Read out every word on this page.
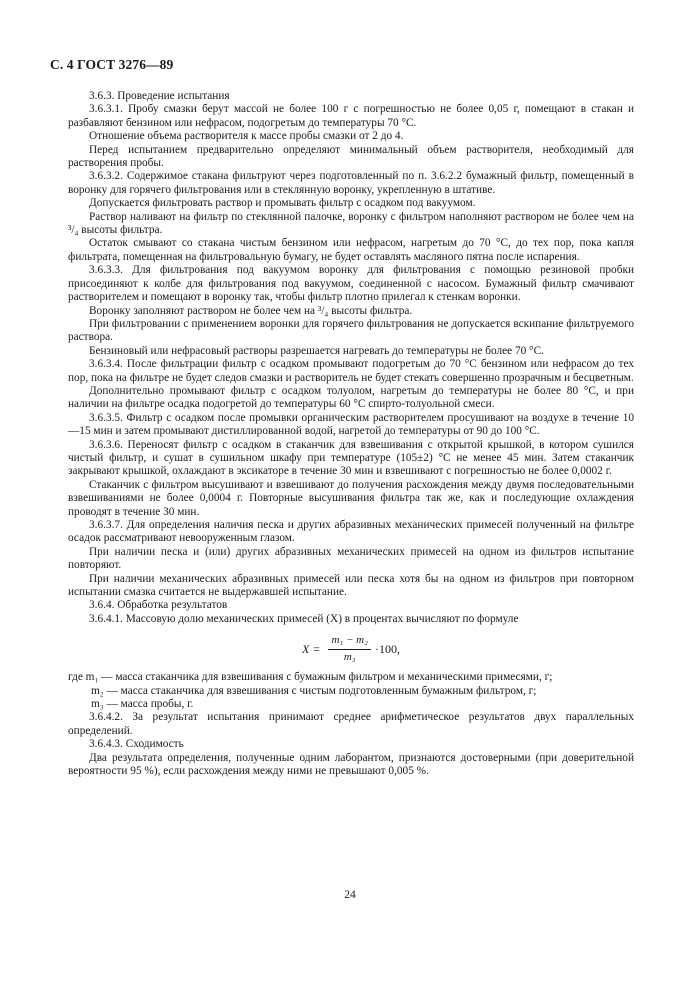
С. 4 ГОСТ 3276—89

3.6.3. Проведение испытания

3.6.3.1. Пробу смазки берут массой не более 100 г с погрешностью не более 0,05 г, помещают в стакан и разбавляют бензином или нефрасом, подогретым до температуры 70 °С.

Отношение объема растворителя к массе пробы смазки от 2 до 4.

Перед испытанием предварительно определяют минимальный объем растворителя, необходимый для растворения пробы.

3.6.3.2. Содержимое стакана фильтруют через подготовленный по п. 3.6.2.2 бумажный фильтр, помещенный в воронку для горячего фильтрования или в стеклянную воронку, укрепленную в штативе.

Допускается фильтровать раствор и промывать фильтр с осадком под вакуумом.

Раствор наливают на фильтр по стеклянной палочке, воронку с фильтром наполняют раствором не более чем на ³/₄ высоты фильтра.

Остаток смывают со стакана чистым бензином или нефрасом, нагретым до 70 °С, до тех пор, пока капля фильтрата, помещенная на фильтровальную бумагу, не будет оставлять масляного пятна после испарения.

3.6.3.3. Для фильтрования под вакуумом воронку для фильтрования с помощью резиновой пробки присоединяют к колбе для фильтрования под вакуумом, соединенной с насосом. Бумажный фильтр смачивают растворителем и помещают в воронку так, чтобы фильтр плотно прилегал к стенкам воронки.

Воронку заполняют раствором не более чем на ³/₄ высоты фильтра.

При фильтровании с применением воронки для горячего фильтрования не допускается вскипание фильтруемого раствора.

Бензиновый или нефрасовый растворы разрешается нагревать до температуры не более 70 °С.

3.6.3.4. После фильтрации фильтр с осадком промывают подогретым до 70 °С бензином или нефрасом до тех пор, пока на фильтре не будет следов смазки и растворитель не будет стекать совершенно прозрачным и бесцветным.

Дополнительно промывают фильтр с осадком толуолом, нагретым до температуры не более 80 °С, и при наличии на фильтре осадка подогретой до температуры 60 °С спирто-толуольной смеси.

3.6.3.5. Фильтр с осадком после промывки органическим растворителем просушивают на воздухе в течение 10—15 мин и затем промывают дистиллированной водой, нагретой до температуры от 90 до 100 °С.

3.6.3.6. Переносят фильтр с осадком в стаканчик для взвешивания с открытой крышкой, в котором сушился чистый фильтр, и сушат в сушильном шкафу при температуре (105±2) °С не менее 45 мин. Затем стаканчик закрывают крышкой, охлаждают в эксикаторе в течение 30 мин и взвешивают с погрешностью не более 0,0002 г.

Стаканчик с фильтром высушивают и взвешивают до получения расхождения между двумя последовательными взвешиваниями не более 0,0004 г. Повторные высушивания фильтра так же, как и последующие охлаждения проводят в течение 30 мин.

3.6.3.7. Для определения наличия песка и других абразивных механических примесей полученный на фильтре осадок рассматривают невооруженным глазом.

При наличии песка и (или) других абразивных механических примесей на одном из фильтров испытание повторяют.

При наличии механических абразивных примесей или песка хотя бы на одном из фильтров при повторном испытании смазка считается не выдержавшей испытание.

3.6.4. Обработка результатов

3.6.4.1. Массовую долю механических примесей (X) в процентах вычисляют по формуле

$X = \frac{\text{m₁ − m₂}}{\text{m₃}} \cdot 100$,
где m₁ — масса стаканчика для взвешивания с бумажным фильтром и механическими примесями, г;
m₂ — масса стаканчика для взвешивания с чистым подготовленным бумажным фильтром, г;
m₃ — масса пробы, г.

3.6.4.2. За результат испытания принимают среднее арифметическое результатов двух параллельных определений.

3.6.4.3. Сходимость

Два результата определения, полученные одним лаборантом, признаются достоверными (при доверительной вероятности 95 %), если расхождения между ними не превышают 0,005 %.

24
